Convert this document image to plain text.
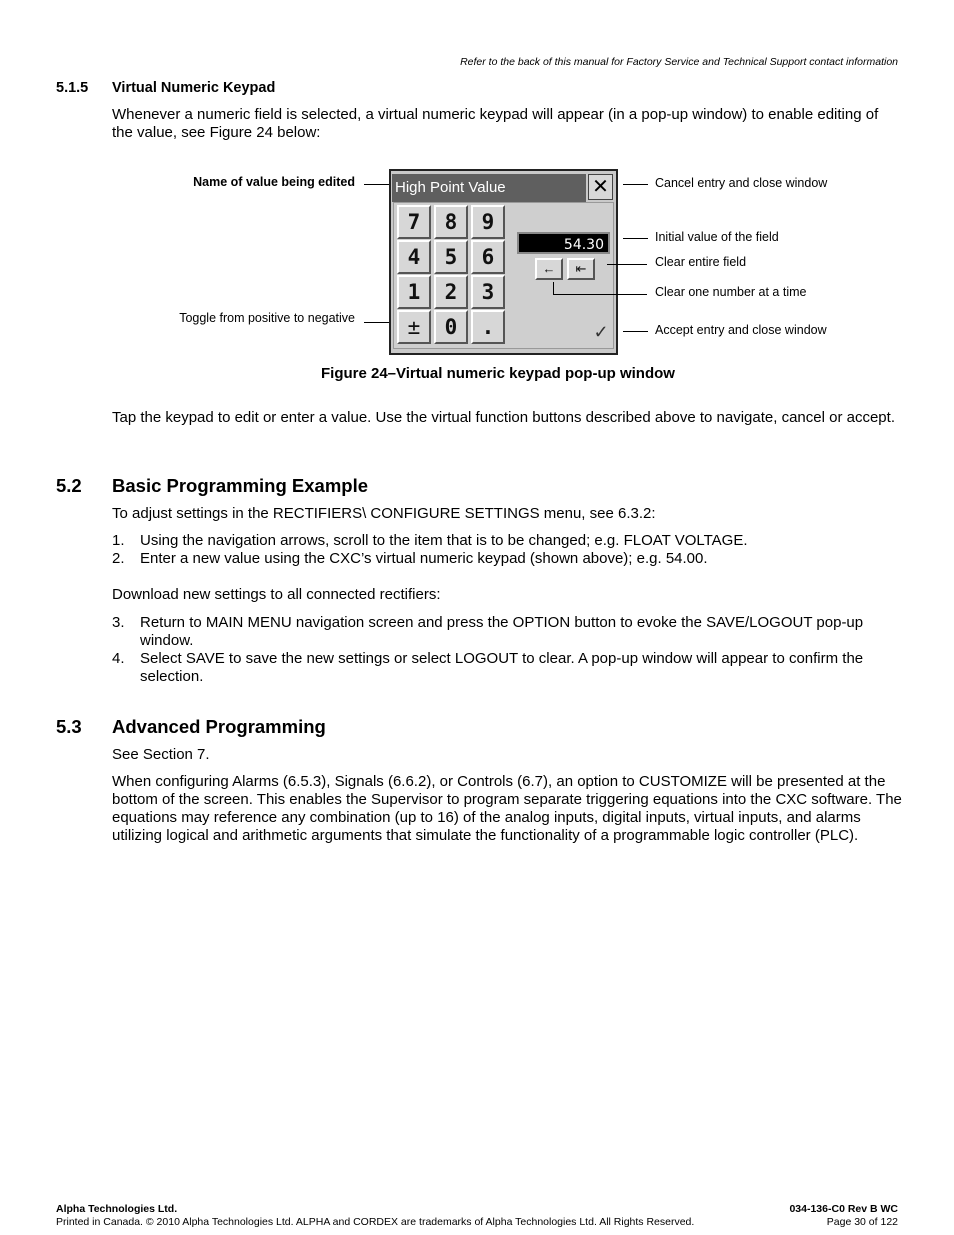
Refer to the back of this manual for Factory Service and Technical Support contact information
5.1.5 Virtual Numeric Keypad
Whenever a numeric field is selected, a virtual numeric keypad will appear (in a pop-up window) to enable editing of the value, see Figure 24 below:
High Point Value	✕
7	8	9
4	5	6
1	2	3
±	0	.
54.30
←	⇤
✓
Name of value being edited
Toggle from positive to negative
Cancel entry and close window
Initial value of the field
Clear entire field
Clear one number at a time
Accept entry and close window
Figure 24–Virtual numeric keypad pop-up window
Tap the keypad to edit or enter a value. Use the virtual function buttons described above to navigate, cancel or accept.
5.2 Basic Programming Example
To adjust settings in the RECTIFIERS\ CONFIGURE SETTINGS menu, see 6.3.2:
1. Using the navigation arrows, scroll to the item that is to be changed; e.g. FLOAT VOLTAGE.
2. Enter a new value using the CXC’s virtual numeric keypad (shown above); e.g. 54.00.
Download new settings to all connected rectifiers:
3. Return to MAIN MENU navigation screen and press the OPTION button to evoke the SAVE/LOGOUT pop-up window.
4. Select SAVE to save the new settings or select LOGOUT to clear. A pop-up window will appear to confirm the selection.
5.3 Advanced Programming
See Section 7.
When configuring Alarms (6.5.3), Signals (6.6.2), or Controls (6.7), an option to CUSTOMIZE will be presented at the bottom of the screen. This enables the Supervisor to program separate triggering equations into the CXC software. The equations may reference any combination (up to 16) of the analog inputs, digital inputs, virtual inputs, and alarms utilizing logical and arithmetic arguments that simulate the functionality of a programmable logic controller (PLC).
Alpha Technologies Ltd.
Printed in Canada. © 2010 Alpha Technologies Ltd. ALPHA and CORDEX are trademarks of Alpha Technologies Ltd. All Rights Reserved.
034-136-C0 Rev B WC
Page 30 of 122
